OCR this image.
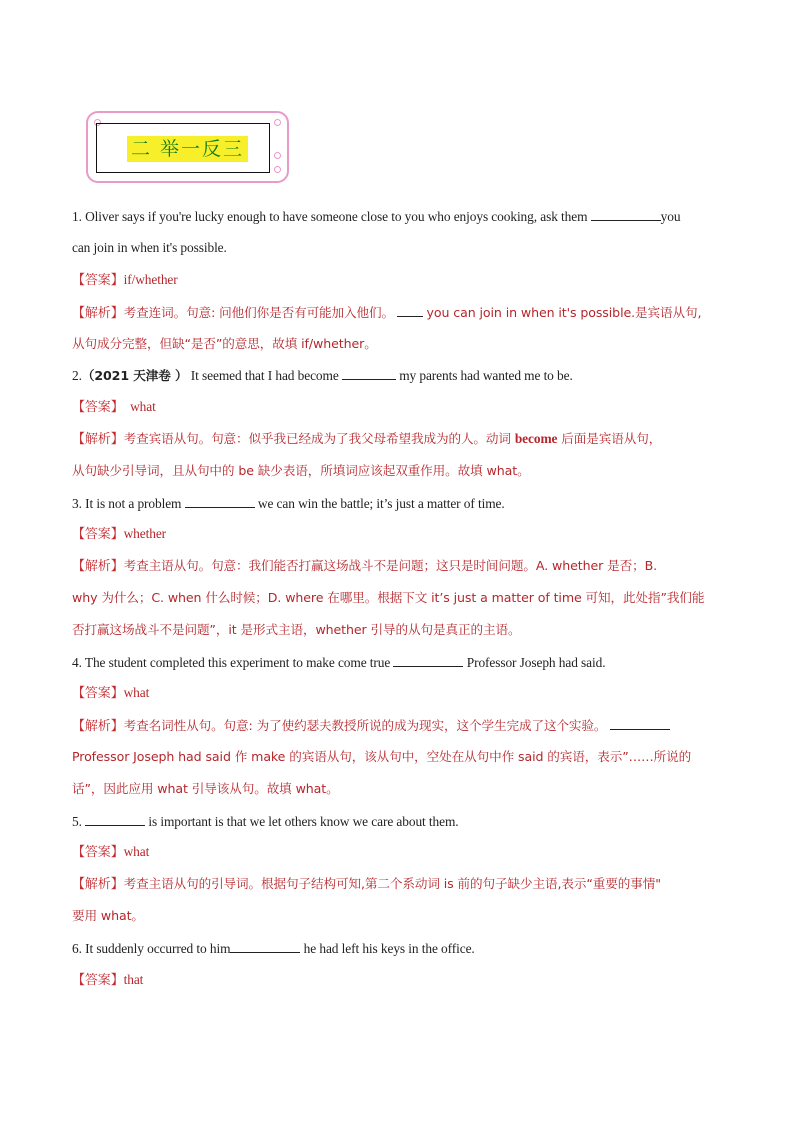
二 举一反三
1. Oliver says if you're lucky enough to have someone close to you who enjoys cooking, ask them	you
can join in when it's possible.
【答案】if/whether
【解析】考查连词。句意: 问他们你是否有可能加入他们。	you can join in when it's possible.是宾语从句,
从句成分完整，但缺“是否”的意思，故填 if/whether。
2.（2021 天津卷 ） It seemed that I had become	my parents had wanted me to be.
【答案】 what
【解析】考查宾语从句。句意：似乎我已经成为了我父母希望我成为的人。动词 become 后面是宾语从句，
从句缺少引导词，且从句中的 be 缺少表语，所填词应该起双重作用。故填 what。
3. It is not a problem	we can win the battle; it’s just a matter of time.
【答案】whether
【解析】考查主语从句。句意：我们能否打赢这场战斗不是问题；这只是时间问题。A. whether 是否；B.
why 为什么；C. when 什么时候；D. where 在哪里。根据下文 it’s just a matter of time 可知，此处指”我们能
否打赢这场战斗不是问题”，it 是形式主语，whether 引导的从句是真正的主语。
4. The student completed this experiment to make come true	Professor Joseph had said.
【答案】what
【解析】考查名词性从句。句意: 为了使约瑟夫教授所说的成为现实，这个学生完成了这个实验。
Professor Joseph had said 作 make 的宾语从句，该从句中，空处在从句中作 said 的宾语，表示”……所说的
话”，因此应用 what 引导该从句。故填 what。
5.	is important is that we let others know we care about them.
【答案】what
【解析】考查主语从句的引导词。根据句子结构可知,第二个系动词 is 前的句子缺少主语,表示“重要的事情"
要用 what。
6. It suddenly occurred to him	he had left his keys in the office.
【答案】that
